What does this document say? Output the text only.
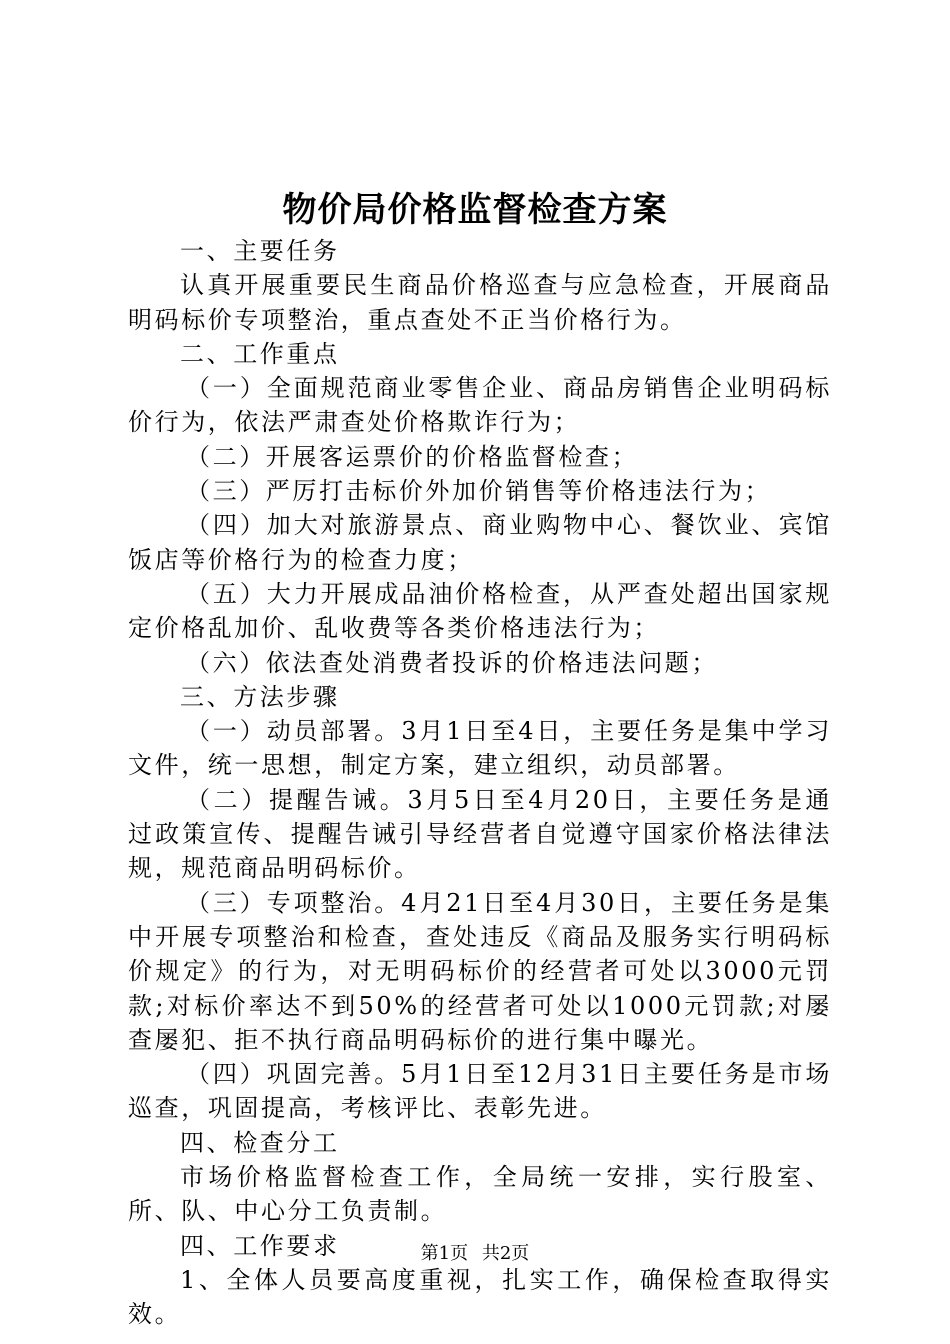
物价局价格监督检查方案

一、主要任务

认真开展重要民生商品价格巡查与应急检查，开展商品明码标价专项整治，重点查处不正当价格行为。

二、工作重点

（一）全面规范商业零售企业、商品房销售企业明码标价行为，依法严肃查处价格欺诈行为；

（二）开展客运票价的价格监督检查；

（三）严厉打击标价外加价销售等价格违法行为；

（四）加大对旅游景点、商业购物中心、餐饮业、宾馆饭店等价格行为的检查力度；

（五）大力开展成品油价格检查，从严查处超出国家规定价格乱加价、乱收费等各类价格违法行为；

（六）依法查处消费者投诉的价格违法问题；

三、方法步骤

（一）动员部署。3月1日至4日，主要任务是集中学习文件，统一思想，制定方案，建立组织，动员部署。

（二）提醒告诫。3月5日至4月20日，主要任务是通过政策宣传、提醒告诫引导经营者自觉遵守国家价格法律法规，规范商品明码标价。

（三）专项整治。4月21日至4月30日，主要任务是集中开展专项整治和检查，查处违反《商品及服务实行明码标价规定》的行为，对无明码标价的经营者可处以3000元罚款;对标价率达不到50%的经营者可处以1000元罚款;对屡查屡犯、拒不执行商品明码标价的进行集中曝光。

（四）巩固完善。5月1日至12月31日主要任务是市场巡查，巩固提高，考核评比、表彰先进。

四、检查分工

市场价格监督检查工作，全局统一安排，实行股室、所、队、中心分工负责制。

四、工作要求

1、全体人员要高度重视，扎实工作，确保检查取得实效。

第1页 共2页
